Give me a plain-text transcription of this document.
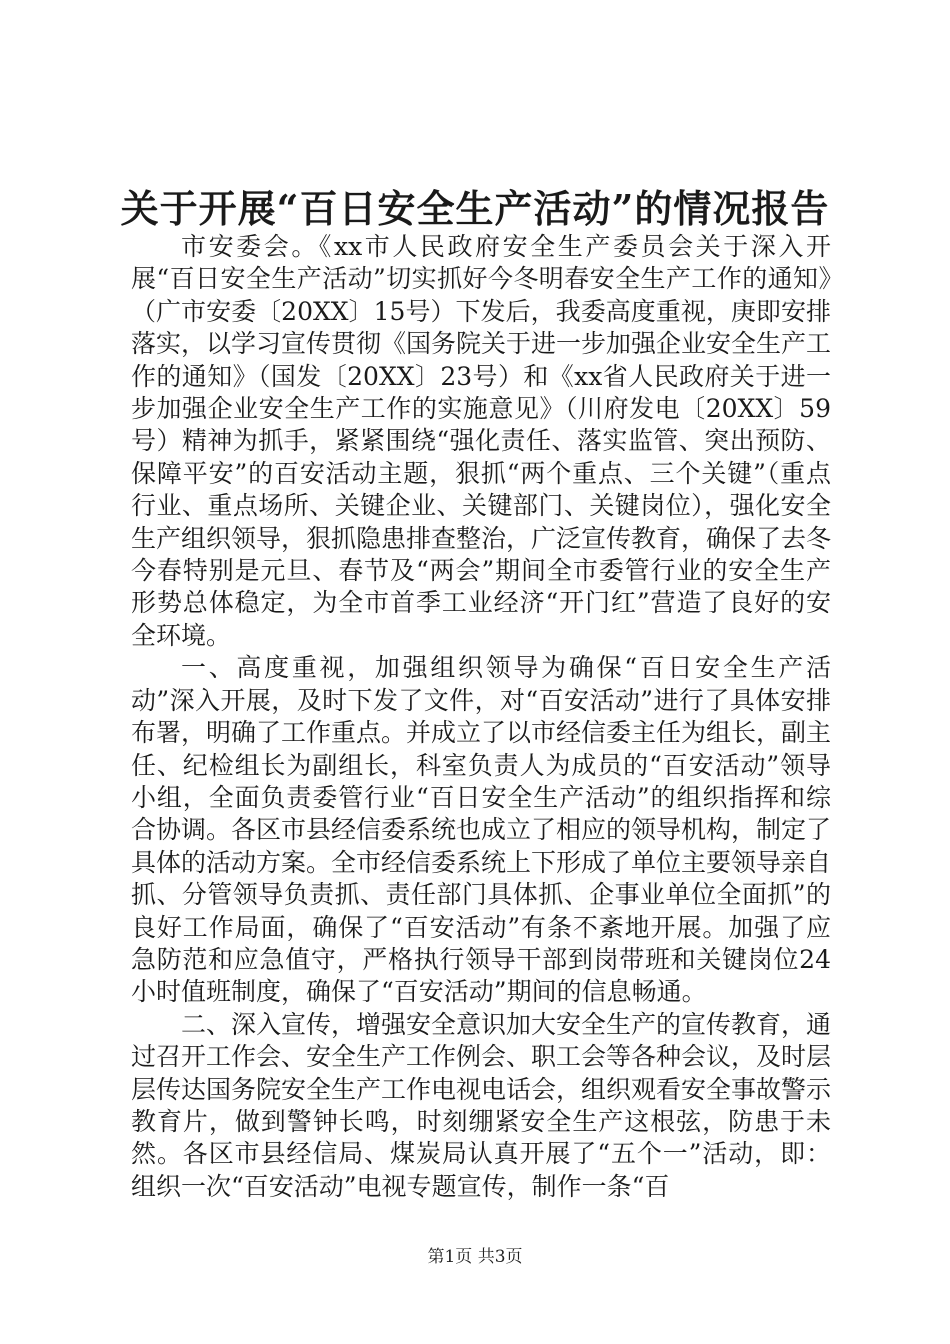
关于开展“百日安全生产活动”的情况报告

市安委会。《xx市人民政府安全生产委员会关于深入开展“百日安全生产活动”切实抓好今冬明春安全生产工作的通知》（广市安委〔20XX〕15号）下发后，我委高度重视，庚即安排落实，以学习宣传贯彻《国务院关于进一步加强企业安全生产工作的通知》（国发〔20XX〕23号）和《xx省人民政府关于进一步加强企业安全生产工作的实施意见》（川府发电〔20XX〕59号）精神为抓手，紧紧围绕“强化责任、落实监管、突出预防、保障平安”的百安活动主题，狠抓“两个重点、三个关键”（重点行业、重点场所、关键企业、关键部门、关键岗位），强化安全生产组织领导，狠抓隐患排查整治，广泛宣传教育，确保了去冬今春特别是元旦、春节及“两会”期间全市委管行业的安全生产形势总体稳定，为全市首季工业经济“开门红”营造了良好的安全环境。

一、高度重视，加强组织领导为确保“百日安全生产活动”深入开展，及时下发了文件，对“百安活动”进行了具体安排布署，明确了工作重点。并成立了以市经信委主任为组长，副主任、纪检组长为副组长，科室负责人为成员的“百安活动”领导小组，全面负责委管行业“百日安全生产活动”的组织指挥和综合协调。各区市县经信委系统也成立了相应的领导机构，制定了具体的活动方案。全市经信委系统上下形成了单位主要领导亲自抓、分管领导负责抓、责任部门具体抓、企事业单位全面抓”的良好工作局面，确保了“百安活动”有条不紊地开展。加强了应急防范和应急值守，严格执行领导干部到岗带班和关键岗位24小时值班制度，确保了“百安活动”期间的信息畅通。

二、深入宣传，增强安全意识加大安全生产的宣传教育，通过召开工作会、安全生产工作例会、职工会等各种会议，及时层层传达国务院安全生产工作电视电话会，组织观看安全事故警示教育片，做到警钟长鸣，时刻绷紧安全生产这根弦，防患于未然。各区市县经信局、煤炭局认真开展了“五个一”活动，即：组织一次“百安活动”电视专题宣传，制作一条“百

第1页 共3页
